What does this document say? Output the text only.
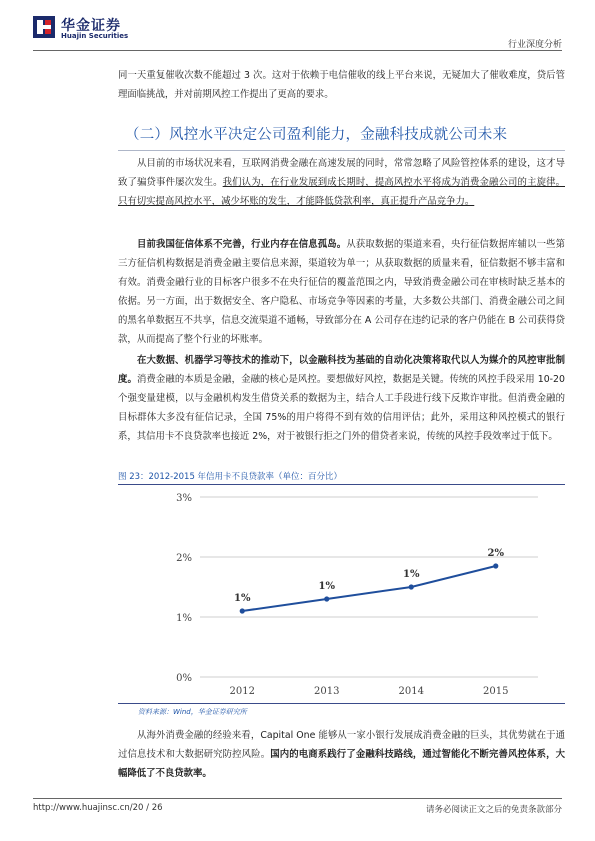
华金证券
Huajin Securities
行业深度分析
同一天重复催收次数不能超过 3 次。这对于依赖于电信催收的线上平台来说，无疑加大了催收难度，贷后管理面临挑战，并对前期风控工作提出了更高的要求。
（二）风控水平决定公司盈利能力，金融科技成就公司未来
从目前的市场状况来看，互联网消费金融在高速发展的同时，常常忽略了风险管控体系的建设，这才导致了骗贷事件屡次发生。我们认为，在行业发展到成长期时，提高风控水平将成为消费金融公司的主旋律。只有切实提高风控水平，减少坏账的发生，才能降低贷款利率，真正提升产品竞争力。
目前我国征信体系不完善，行业内存在信息孤岛。从获取数据的渠道来看，央行征信数据库辅以一些第三方征信机构数据是消费金融主要信息来源，渠道较为单一；从获取数据的质量来看，征信数据不够丰富和有效。消费金融行业的目标客户很多不在央行征信的覆盖范围之内，导致消费金融公司在审核时缺乏基本的依据。另一方面，出于数据安全、客户隐私、市场竞争等因素的考量，大多数公共部门、消费金融公司之间的黑名单数据互不共享，信息交流渠道不通畅，导致部分在 A 公司存在违约记录的客户仍能在 B 公司获得贷款，从而提高了整个行业的坏账率。
在大数据、机器学习等技术的推动下，以金融科技为基础的自动化决策将取代以人为媒介的风控审批制度。消费金融的本质是金融，金融的核心是风控。要想做好风控，数据是关键。传统的风控手段采用 10-20 个强变量建模，以与金融机构发生借贷关系的数据为主，结合人工手段进行线下反欺诈审批。但消费金融的目标群体大多没有征信记录，全国 75%的用户将得不到有效的信用评估；此外，采用这种风控模式的银行系，其信用卡不良贷款率也接近 2%，对于被银行拒之门外的借贷者来说，传统的风控手段效率过于低下。
图 23：2012-2015 年信用卡不良贷款率（单位：百分比）
0%
1%
2%
3%
2012	2013	2014	2015
1%
1%
1%
2%
资料来源：Wind，华金证券研究所
从海外消费金融的经验来看，Capital One 能够从一家小银行发展成消费金融的巨头，其优势就在于通过信息技术和大数据研究防控风险。国内的电商系践行了金融科技路线，通过智能化不断完善风控体系，大幅降低了不良贷款率。
http://www.huajinsc.cn/20 / 26	请务必阅读正文之后的免责条款部分
